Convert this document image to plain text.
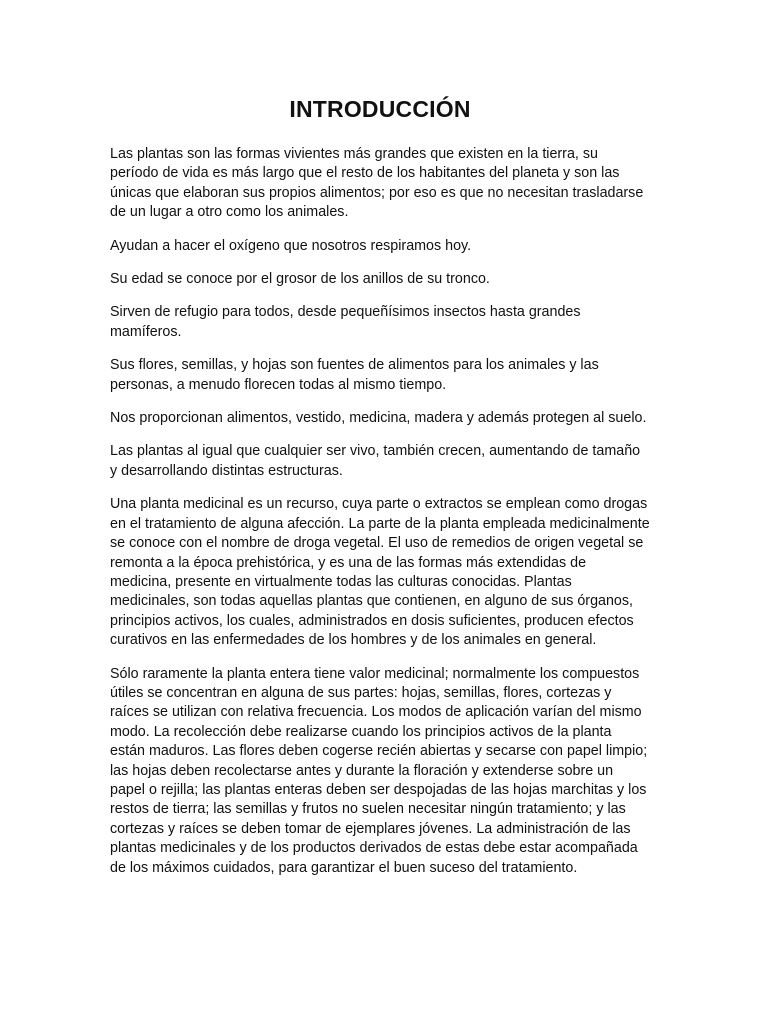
INTRODUCCIÓN

Las plantas son las formas vivientes más grandes que existen en la tierra, su período de vida es más largo que el resto de los habitantes del planeta y son las únicas que elaboran sus propios alimentos; por eso es que no necesitan trasladarse de un lugar a otro como los animales.

Ayudan a hacer el oxígeno que nosotros respiramos hoy.

Su edad se conoce por el grosor de los anillos de su tronco.

Sirven de refugio para todos, desde pequeñísimos insectos hasta grandes mamíferos.

Sus flores, semillas, y hojas son fuentes de alimentos para los animales y las personas, a menudo florecen todas al mismo tiempo.

Nos proporcionan alimentos, vestido, medicina, madera y además protegen al suelo.

Las plantas al igual que cualquier ser vivo, también crecen, aumentando de tamaño y desarrollando distintas estructuras.

Una planta medicinal es un recurso, cuya parte o extractos se emplean como drogas en el tratamiento de alguna afección. La parte de la planta empleada medicinalmente se conoce con el nombre de droga vegetal. El uso de remedios de origen vegetal se remonta a la época prehistórica, y es una de las formas más extendidas de medicina, presente en virtualmente todas las culturas conocidas. Plantas medicinales, son todas aquellas plantas que contienen, en alguno de sus órganos, principios activos, los cuales, administrados en dosis suficientes, producen efectos curativos en las enfermedades de los hombres y de los animales en general.

Sólo raramente la planta entera tiene valor medicinal; normalmente los compuestos útiles se concentran en alguna de sus partes: hojas, semillas, flores, cortezas y raíces se utilizan con relativa frecuencia. Los modos de aplicación varían del mismo modo. La recolección debe realizarse cuando los principios activos de la planta están maduros. Las flores deben cogerse recién abiertas y secarse con papel limpio; las hojas deben recolectarse antes y durante la floración y extenderse sobre un papel o rejilla; las plantas enteras deben ser despojadas de las hojas marchitas y los restos de tierra; las semillas y frutos no suelen necesitar ningún tratamiento; y las cortezas y raíces se deben tomar de ejemplares jóvenes. La administración de las plantas medicinales y de los productos derivados de estas debe estar acompañada de los máximos cuidados, para garantizar el buen suceso del tratamiento.
